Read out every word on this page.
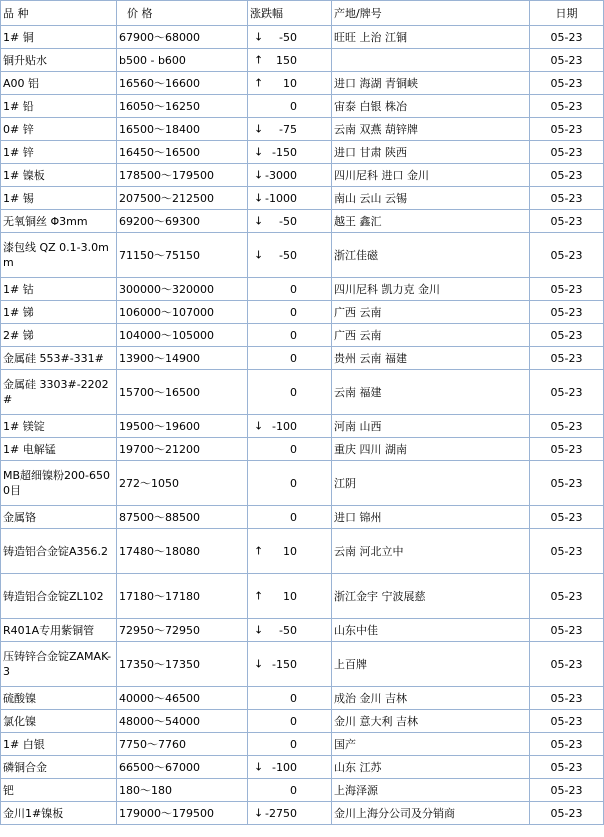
品 种	价 格	涨跌幅	产地/牌号	日期
1# 铜	67900～68000	↓ -50	旺旺 上治 江铜	05-23
铜升贴水	b500 - b600	↑ 150		05-23
A00 铝	16560～16600	↑ 10	进口 海湖 青铜峡	05-23
1# 铅	16050～16250	0	宙泰 白银 株冶	05-23
0# 锌	16500～18400	↓ -75	云南 双燕 葫锌牌	05-23
1# 锌	16450～16500	↓ -150	进口 甘肃 陕西	05-23
1# 镍板	178500～179500	↓ -3000	四川尼科 进口 金川	05-23
1# 锡	207500～212500	↓ -1000	南山 云山 云锡	05-23
无氧铜丝 Φ3mm	69200～69300	↓ -50	越王 鑫汇	05-23
漆包线 QZ 0.1-3.0mm	71150～75150	↓ -50	浙江佳磁	05-23
1# 钴	300000～320000	0	四川尼科 凯力克 金川	05-23
1# 锑	106000～107000	0	广西 云南	05-23
2# 锑	104000～105000	0	广西 云南	05-23
金属硅 553#-331#	13900～14900	0	贵州 云南 福建	05-23
金属硅 3303#-2202#	15700～16500	0	云南 福建	05-23
1# 镁锭	19500～19600	↓ -100	河南 山西	05-23
1# 电解锰	19700～21200	0	重庆 四川 湖南	05-23
MB超细镍粉200-6500目	272～1050	0	江阴	05-23
金属铬	87500～88500	0	进口 锦州	05-23
铸造铝合金锭A356.2	17480～18080	↑ 10	云南 河北立中	05-23
铸造铝合金锭ZL102	17180～17180	↑ 10	浙江金宇 宁波展慈	05-23
R401A专用紫铜管	72950～72950	↓ -50	山东中佳	05-23
压铸锌合金锭ZAMAK-3	17350～17350	↓ -150	上百牌	05-23
硫酸镍	40000～46500	0	成治 金川 吉林	05-23
氯化镍	48000～54000	0	金川 意大利 吉林	05-23
1# 白银	7750～7760	0	国产	05-23
磷铜合金	66500～67000	↓ -100	山东 江苏	05-23
钯	180～180	0	上海泽源	05-23
金川1#镍板	179000～179500	↓ -2750	金川上海分公司及分销商	05-23
